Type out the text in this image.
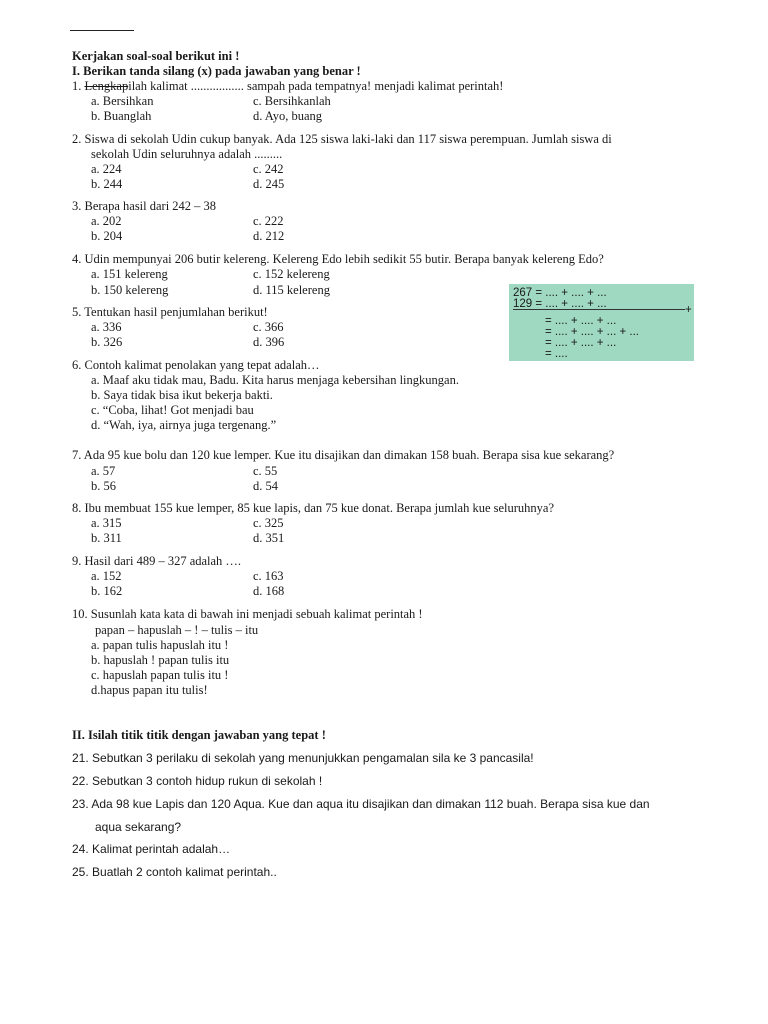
Kerjakan soal-soal berikut ini !
I. Berikan tanda silang (x) pada jawaban yang benar !
1. Lengkapilah kalimat ................. sampah pada tempatnya! menjadi kalimat perintah!
a. Bersihkan
b. Buanglah
c. Bersihkanlah
d. Ayo, buang
2. Siswa di sekolah Udin cukup banyak. Ada 125 siswa laki-laki dan 117 siswa perempuan. Jumlah siswa di
sekolah Udin seluruhnya adalah .........
a. 224
b. 244
c. 242
d. 245
3. Berapa hasil dari 242 – 38
a. 202
b. 204
c. 222
d. 212
4. Udin mempunyai 206 butir kelereng. Kelereng Edo lebih sedikit 55 butir. Berapa banyak kelereng Edo?
a. 151 kelereng
b. 150 kelereng
c. 152 kelereng
d. 115 kelereng
5. Tentukan hasil penjumlahan berikut!
a. 336
b. 326
c. 366
d. 396
267 = .... + .... + ...
129 = .... + .... + ...	+
= .... + .... + ...
= .... + .... + ... + ...
= .... + .... + ...
= ....
6. Contoh kalimat penolakan yang tepat adalah…
a. Maaf aku tidak mau, Badu. Kita harus menjaga kebersihan lingkungan.
b. Saya tidak bisa ikut bekerja bakti.
c. “Coba, lihat! Got menjadi bau
d. “Wah, iya, airnya juga tergenang.”
7. Ada 95 kue bolu dan 120 kue lemper. Kue itu disajikan dan dimakan 158 buah. Berapa sisa kue sekarang?
a. 57
b. 56
c. 55
d. 54
8. Ibu membuat 155 kue lemper, 85 kue lapis, dan 75 kue donat. Berapa jumlah kue seluruhnya?
a. 315
b. 311
c. 325
d. 351
9. Hasil dari 489 – 327 adalah ….
a. 152
b. 162
c. 163
d. 168
10. Susunlah kata kata di bawah ini menjadi sebuah kalimat perintah !
papan – hapuslah – ! – tulis – itu
a. papan tulis hapuslah itu !
b. hapuslah ! papan tulis itu
c. hapuslah papan tulis itu !
d.hapus papan itu tulis!
II. Isilah titik titik dengan jawaban yang tepat !
21. Sebutkan 3 perilaku di sekolah yang menunjukkan pengamalan sila ke 3 pancasila!
22. Sebutkan 3 contoh hidup rukun di sekolah !
23. Ada 98 kue Lapis dan 120 Aqua. Kue dan aqua itu disajikan dan dimakan 112 buah. Berapa sisa kue dan
aqua sekarang?
24. Kalimat perintah adalah…
25. Buatlah 2 contoh kalimat perintah..
